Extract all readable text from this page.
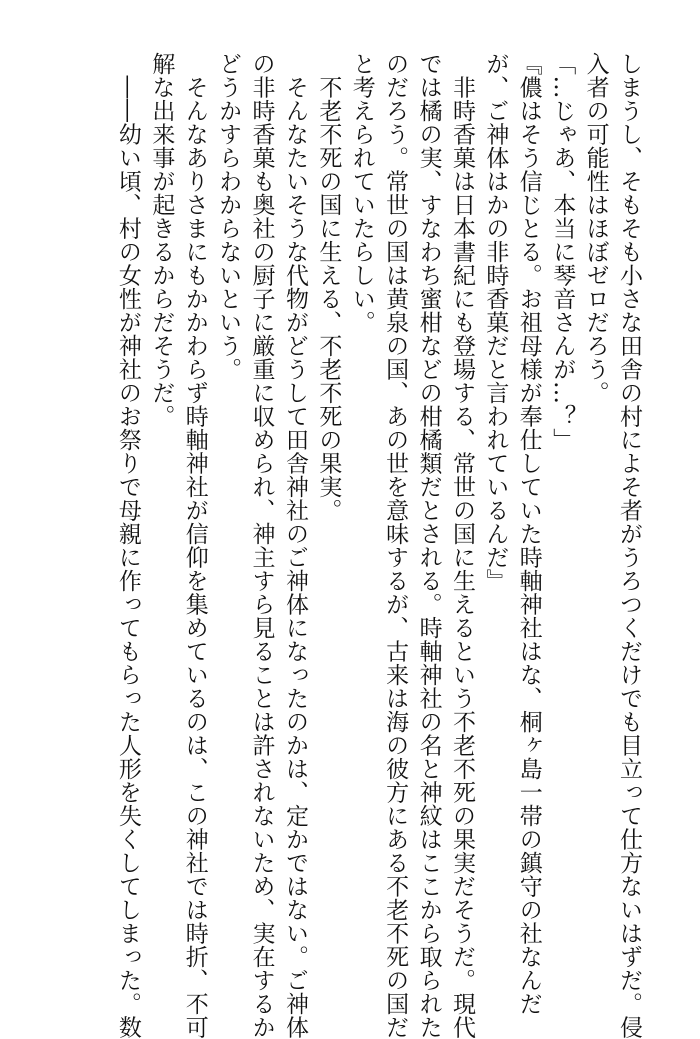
しまうし、そもそも小さな田舎の村によそ者がうろつくだけでも目立って仕方ないはずだ。侵
入者の可能性はほぼゼロだろう。
「…じゃあ、本当に琴音さんが…？」
『儂はそう信じとる。お祖母様が奉仕していた時軸神社はな、桐ヶ島一帯の鎮守の社なんだ
が、ご神体はかの非時香菓だと言われているんだ』
　非時香菓は日本書紀にも登場する、常世の国に生えるという不老不死の果実だそうだ。現代
では橘の実、すなわち蜜柑などの柑橘類だとされる。時軸神社の名と神紋はここから取られた
のだろう。常世の国は黄泉の国、あの世を意味するが、古来は海の彼方にある不老不死の国だ
と考えられていたらしい。
　不老不死の国に生える、不老不死の果実。
　そんなたいそうな代物がどうして田舎神社のご神体になったのかは、定かではない。ご神体
の非時香菓も奥社の厨子に厳重に収められ、神主すら見ることは許されないため、実在するか
どうかすらわからないという。
　そんなありさまにもかかわらず時軸神社が信仰を集めているのは、この神社では時折、不可
解な出来事が起きるからだそうだ。
　――幼い頃、村の女性が神社のお祭りで母親に作ってもらった人形を失くしてしまった。数
